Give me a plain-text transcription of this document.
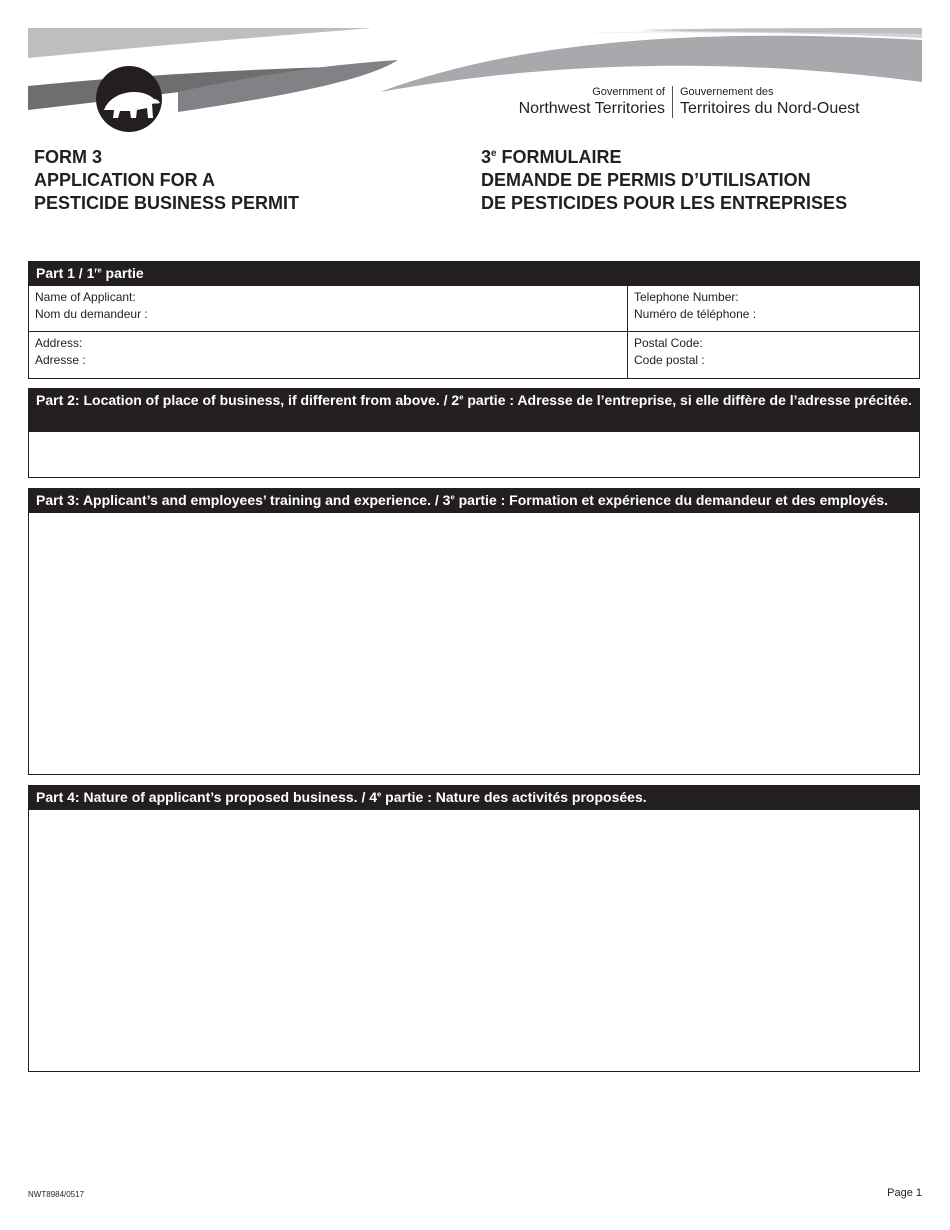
Government of
Northwest Territories
Gouvernement des
Territoires du Nord-Ouest
FORM 3
APPLICATION FOR A
PESTICIDE BUSINESS PERMIT
3e FORMULAIRE
DEMANDE DE PERMIS D’UTILISATION
DE PESTICIDES POUR LES ENTREPRISES
Part 1 / 1re partie
Name of Applicant:
Nom du demandeur :
Telephone Number:
Numéro de téléphone :
Address:
Adresse :
Postal Code:
Code postal :
Part 2: Location of place of business, if different from above. / 2e partie : Adresse de l’entreprise, si elle diffère de l’adresse précitée.
Part 3: Applicant’s and employees’ training and experience. / 3e partie : Formation et expérience du demandeur et des employés.
Part 4: Nature of applicant’s proposed business. / 4e partie : Nature des activités proposées.
NWT8984/0517	Page 1
